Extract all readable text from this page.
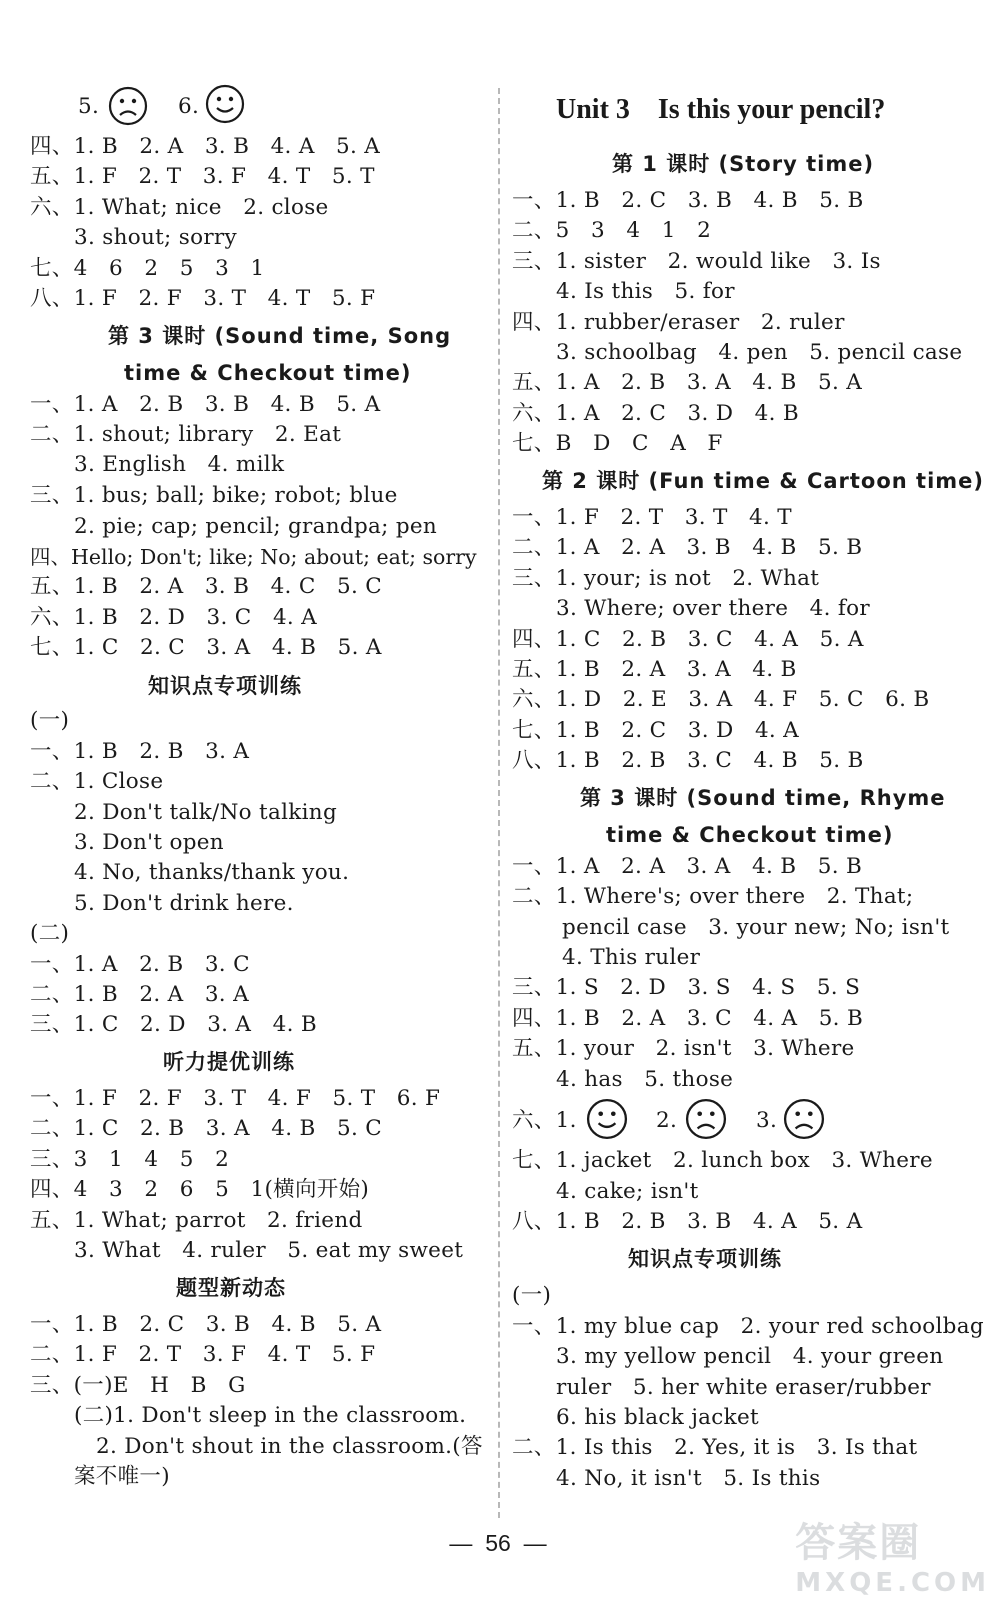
5.	6.
四、1. B   2. A   3. B   4. A   5. A
五、1. F   2. T   3. F   4. T   5. T
六、1. What; nice   2. close
3. shout; sorry
七、4   6   2   5   3   1
八、1. F   2. F   3. T   4. T   5. F
第 3 课时 (Sound time, Song
time & Checkout time)
一、1. A   2. B   3. B   4. B   5. A
二、1. shout; library   2. Eat
3. English   4. milk
三、1. bus; ball; bike; robot; blue
2. pie; cap; pencil; grandpa; pen
四、Hello; Don't; like; No; about; eat; sorry
五、1. B   2. A   3. B   4. C   5. C
六、1. B   2. D   3. C   4. A
七、1. C   2. C   3. A   4. B   5. A
知识点专项训练
(一)
一、1. B   2. B   3. A
二、1. Close
2. Don't talk/No talking
3. Don't open
4. No, thanks/thank you.
5. Don't drink here.
(二)
一、1. A   2. B   3. C
二、1. B   2. A   3. A
三、1. C   2. D   3. A   4. B
听力提优训练
一、1. F   2. F   3. T   4. F   5. T   6. F
二、1. C   2. B   3. A   4. B   5. C
三、3   1   4   5   2
四、4   3   2   6   5   1(横向开始)
五、1. What; parrot   2. friend
3. What   4. ruler   5. eat my sweet
题型新动态
一、1. B   2. C   3. B   4. B   5. A
二、1. F   2. T   3. F   4. T   5. F
三、(一)E   H   B   G
(二)1. Don't sleep in the classroom.
2. Don't shout in the classroom.(答
案不唯一)
Unit 3    Is this your pencil?
第 1 课时 (Story time)
一、1. B   2. C   3. B   4. B   5. B
二、5   3   4   1   2
三、1. sister   2. would like   3. Is
4. Is this   5. for
四、1. rubber/eraser   2. ruler
3. schoolbag   4. pen   5. pencil case
五、1. A   2. B   3. A   4. B   5. A
六、1. A   2. C   3. D   4. B
七、B   D   C   A   F
第 2 课时 (Fun time & Cartoon time)
一、1. F   2. T   3. T   4. T
二、1. A   2. A   3. B   4. B   5. B
三、1. your; is not   2. What
3. Where; over there   4. for
四、1. C   2. B   3. C   4. A   5. A
五、1. B   2. A   3. A   4. B
六、1. D   2. E   3. A   4. F   5. C   6. B
七、1. B   2. C   3. D   4. A
八、1. B   2. B   3. C   4. B   5. B
第 3 课时 (Sound time, Rhyme
time & Checkout time)
一、1. A   2. A   3. A   4. B   5. B
二、1. Where's; over there   2. That;
pencil case   3. your new; No; isn't
4. This ruler
三、1. S   2. D   3. S   4. S   5. S
四、1. B   2. A   3. C   4. A   5. B
五、1. your   2. isn't   3. Where
4. has   5. those
六、1.	2.	3.
七、1. jacket   2. lunch box   3. Where
4. cake; isn't
八、1. B   2. B   3. B   4. A   5. A
知识点专项训练
(一)
一、1. my blue cap   2. your red schoolbag
3. my yellow pencil   4. your green
ruler   5. her white eraser/rubber
6. his black jacket
二、1. Is this   2. Yes, it is   3. Is that
4. No, it isn't   5. Is this
—  56  —	答案圈
MXQE.COM
